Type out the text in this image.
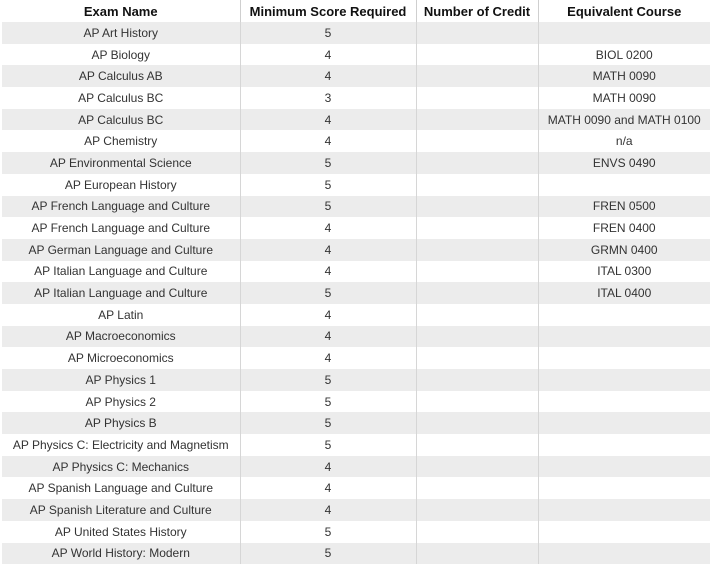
Exam Name	Minimum Score Required	Number of Credit	Equivalent Course
AP Art History	5		
AP Biology	4		BIOL 0200
AP Calculus AB	4		MATH 0090
AP Calculus BC	3		MATH 0090
AP Calculus BC	4		MATH 0090 and MATH 0100
AP Chemistry	4		n/a
AP Environmental Science	5		ENVS 0490
AP European History	5		
AP French Language and Culture	5		FREN 0500
AP French Language and Culture	4		FREN 0400
AP German Language and Culture	4		GRMN 0400
AP Italian Language and Culture	4		ITAL 0300
AP Italian Language and Culture	5		ITAL 0400
AP Latin	4		
AP Macroeconomics	4		
AP Microeconomics	4		
AP Physics 1	5		
AP Physics 2	5		
AP Physics B	5		
AP Physics C: Electricity and Magnetism	5		
AP Physics C: Mechanics	4		
AP Spanish Language and Culture	4		
AP Spanish Literature and Culture	4		
AP United States History	5		
AP World History: Modern	5		
